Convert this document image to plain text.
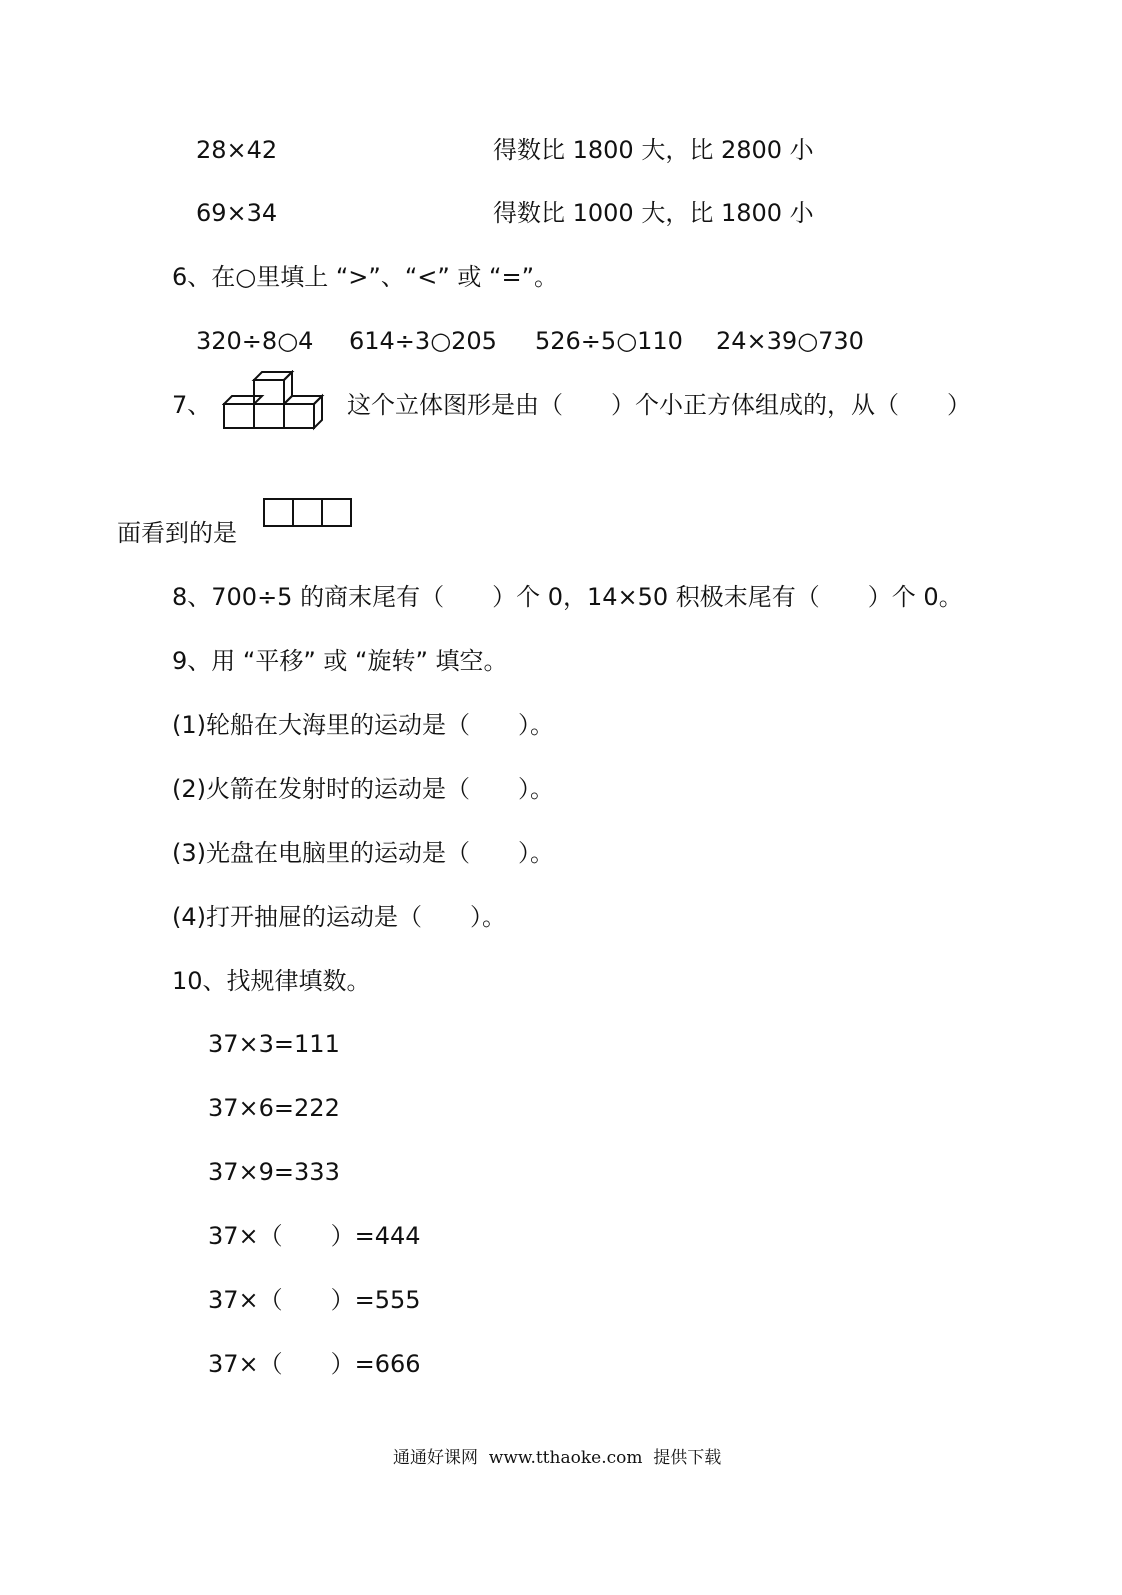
28×42	得数比 1800 大，比 2800 小
69×34	得数比 1000 大，比 1800 小
6、在○里填上 “>”、“<” 或 “=”。
320÷8○4 614÷3○205 526÷5○110 24×39○730
7、	这个立体图形是由（　　）个小正方体组成的，从（　　）
面看到的是
8、700÷5 的商末尾有（　　）个 0，14×50 积极末尾有（　　）个 0。
9、用 “平移” 或 “旋转” 填空。
(1)轮船在大海里的运动是（　　）。
(2)火箭在发射时的运动是（　　）。
(3)光盘在电脑里的运动是（　　）。
(4)打开抽屉的运动是（　　）。
10、找规律填数。
37×3=111
37×6=222
37×9=333
37×（　　）=444
37×（　　）=555
37×（　　）=666
通通好课网  www.tthaoke.com  提供下载
